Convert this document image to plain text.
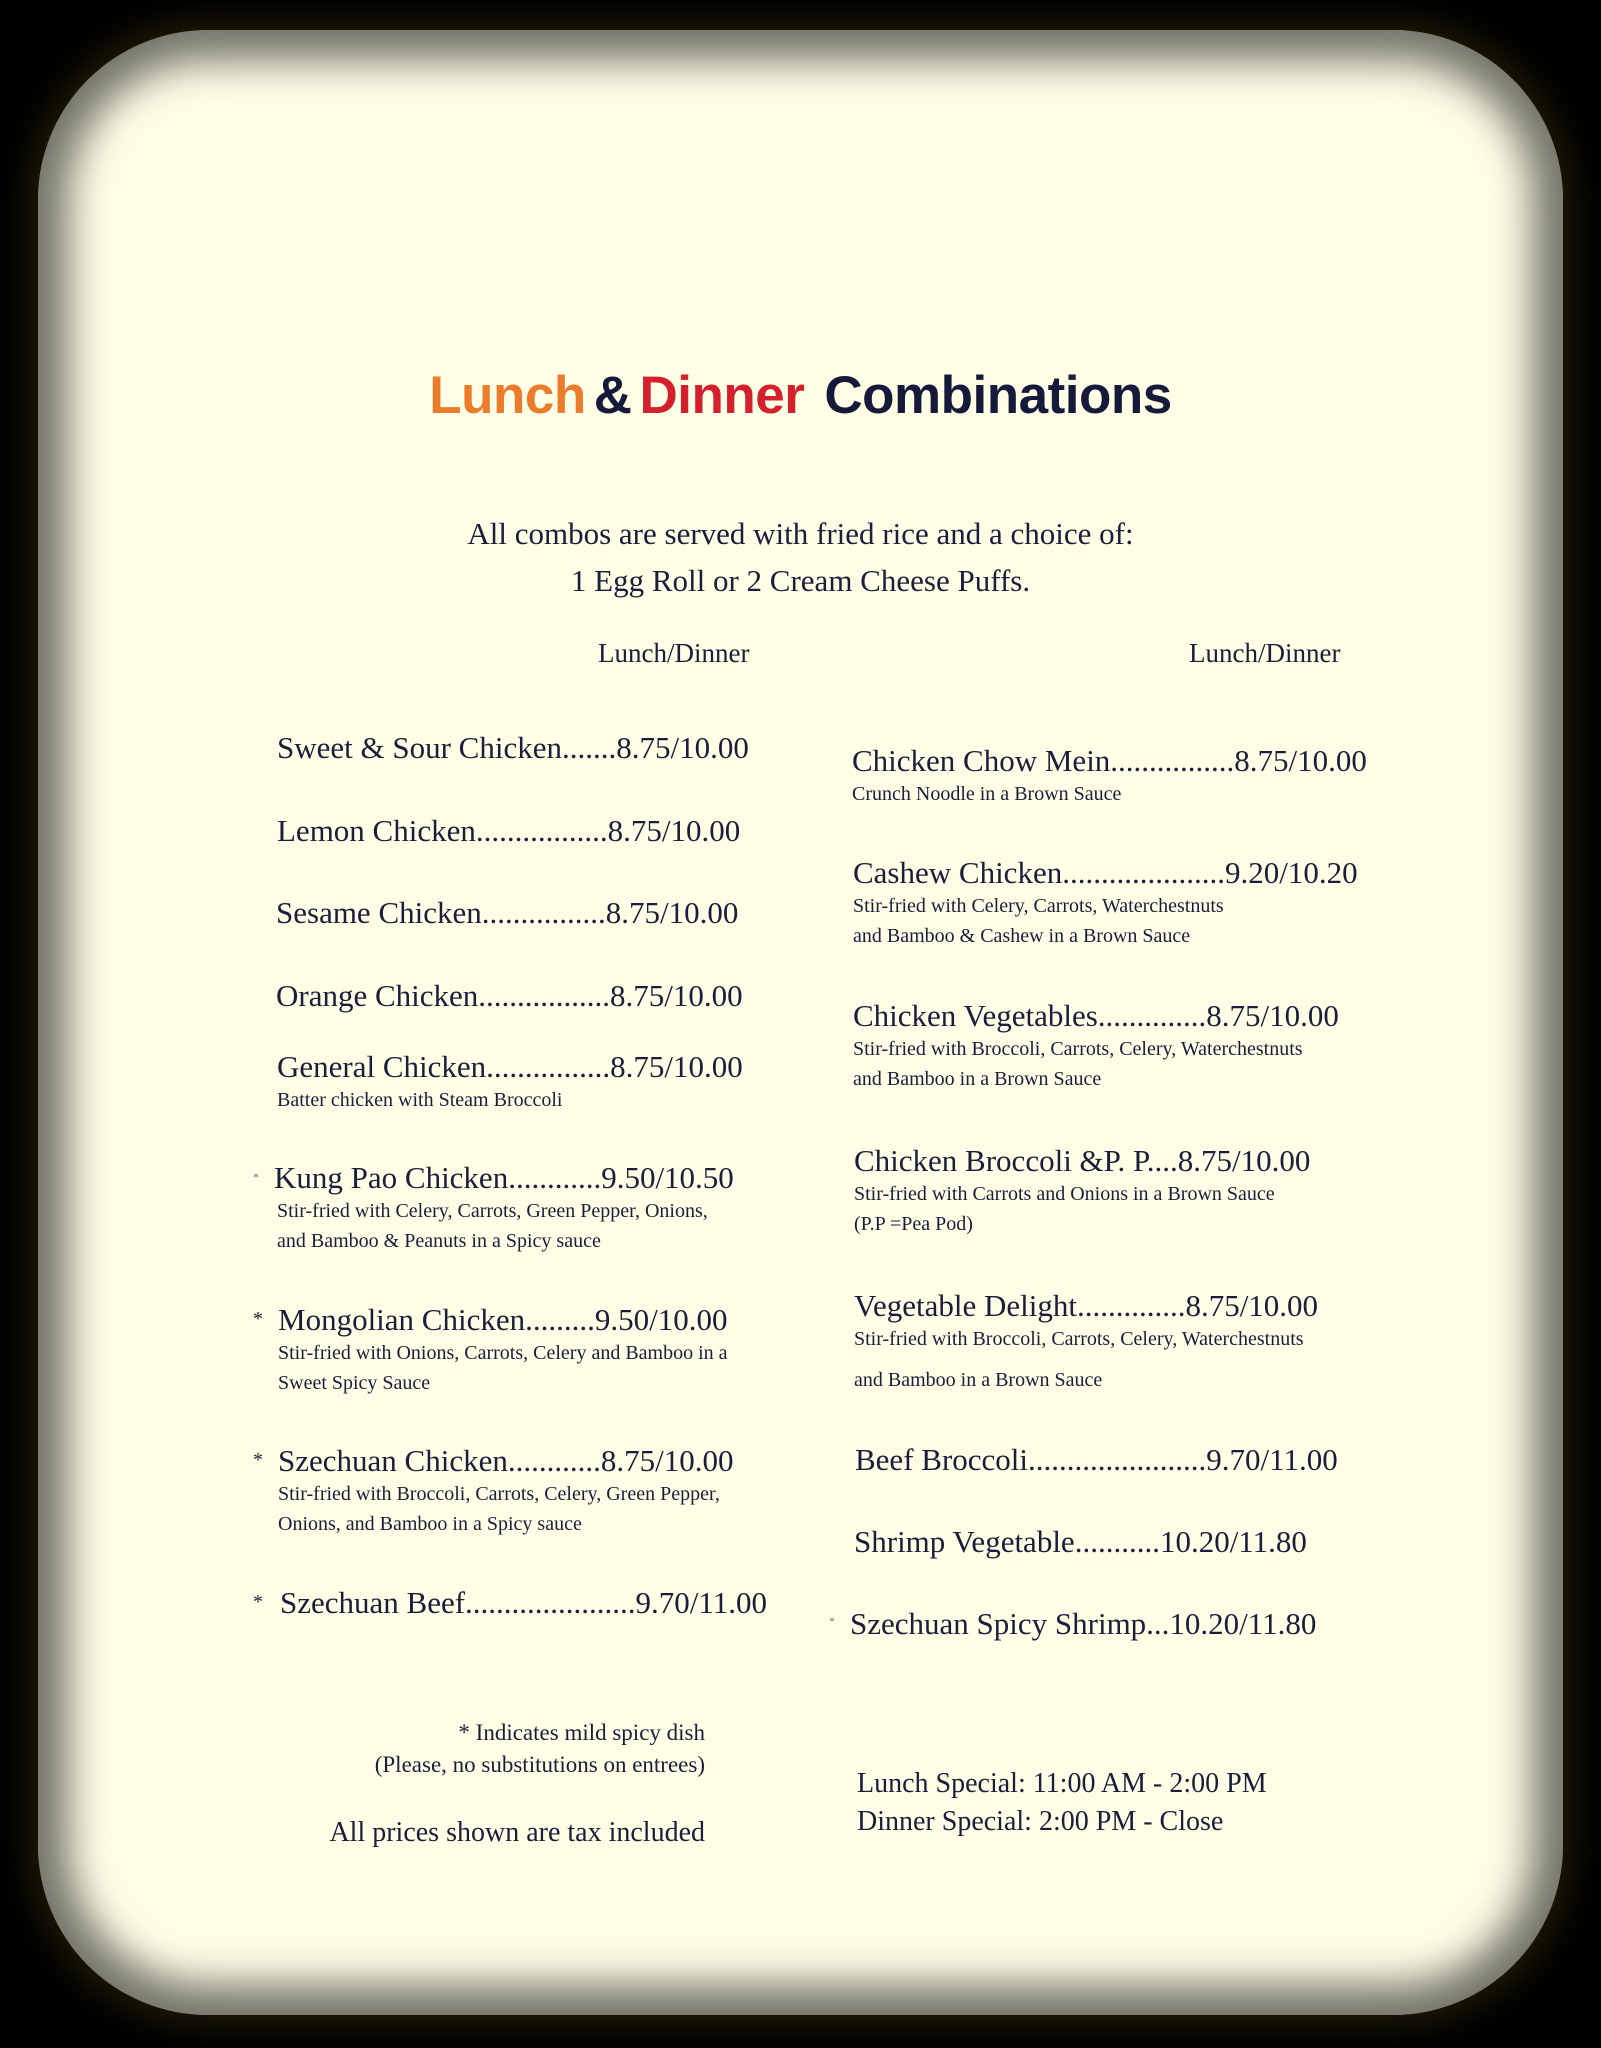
Lunch & Dinner Combinations
All combos are served with fried rice and a choice of:
1 Egg Roll or 2 Cream Cheese Puffs.
Lunch/Dinner	Lunch/Dinner
Sweet & Sour Chicken.......8.75/10.00
Lemon Chicken.................8.75/10.00
Sesame Chicken................8.75/10.00
Orange Chicken.................8.75/10.00
General Chicken................8.75/10.00
Batter chicken with Steam Broccoli
* Kung Pao Chicken............9.50/10.50
Stir-fried with Celery, Carrots, Green Pepper, Onions,
and Bamboo & Peanuts in a Spicy sauce
* Mongolian Chicken.........9.50/10.00
Stir-fried with Onions, Carrots, Celery and Bamboo in a
Sweet Spicy Sauce
* Szechuan Chicken............8.75/10.00
Stir-fried with Broccoli, Carrots, Celery, Green Pepper,
Onions, and Bamboo in a Spicy sauce
* Szechuan Beef......................9.70/11.00
Chicken Chow Mein................8.75/10.00
Crunch Noodle in a Brown Sauce
Cashew Chicken.....................9.20/10.20
Stir-fried with Celery, Carrots, Waterchestnuts
and Bamboo & Cashew in a Brown Sauce
Chicken Vegetables..............8.75/10.00
Stir-fried with Broccoli, Carrots, Celery, Waterchestnuts
and Bamboo in a Brown Sauce
Chicken Broccoli &P. P....8.75/10.00
Stir-fried with Carrots and Onions in a Brown Sauce
(P.P =Pea Pod)
Vegetable Delight..............8.75/10.00
Stir-fried with Broccoli, Carrots, Celery, Waterchestnuts
and Bamboo in a Brown Sauce
Beef Broccoli.......................9.70/11.00
Shrimp Vegetable...........10.20/11.80
* Szechuan Spicy Shrimp...10.20/11.80
* Indicates mild spicy dish
(Please, no substitutions on entrees)
All prices shown are tax included
Lunch Special: 11:00 AM - 2:00 PM
Dinner Special: 2:00 PM - Close
